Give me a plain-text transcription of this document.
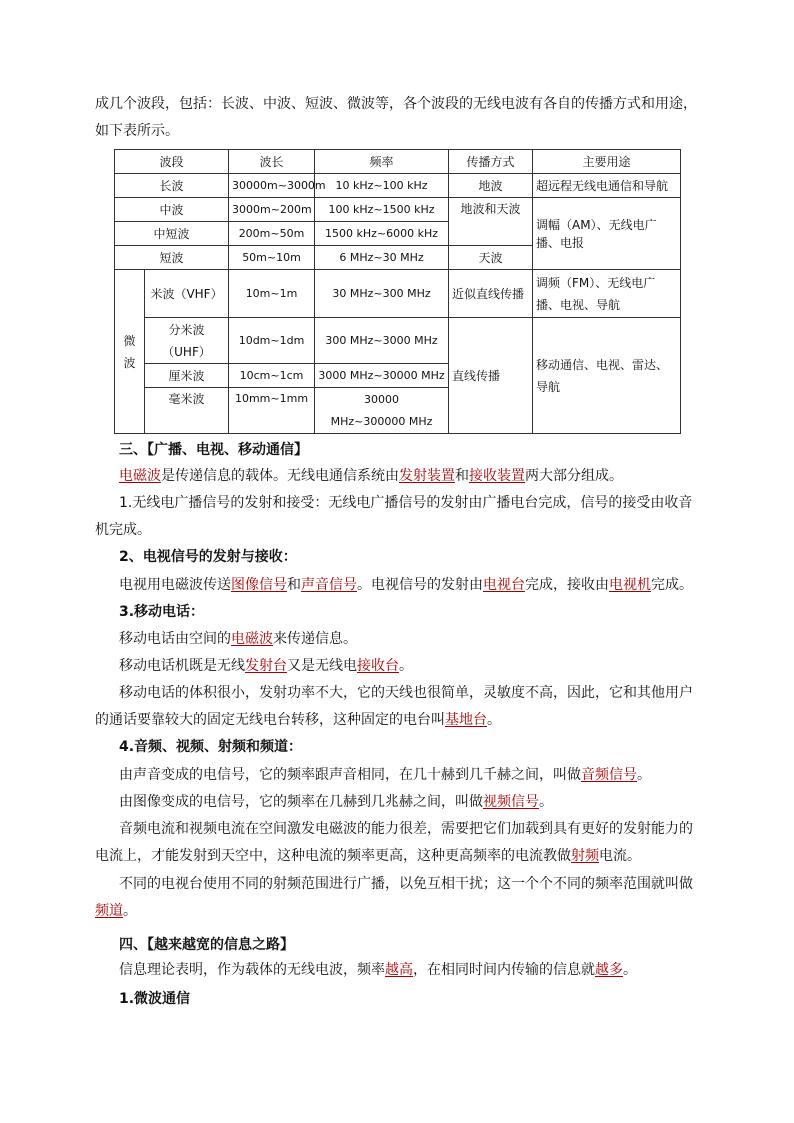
成几个波段，包括：长波、中波、短波、微波等，各个波段的无线电波有各自的传播方式和用途，
如下表所示。
波段		波长	频率	传播方式	主要用途
长波		30000m~3000m	10 kHz~100 kHz	地波	超远程无线电通信和导航
中波		3000m~200m	100 kHz~1500 kHz	地波和天波	调幅（AM）、无线电广播、电报
中短波		200m~50m	1500 kHz~6000 kHz		
短波		50m~10m	6 MHz~30 MHz	天波	
微波	米波（VHF）	10m~1m	30 MHz~300 MHz	近似直线传播	调频（FM）、无线电广播、电视、导航
	分米波（UHF）	10dm~1dm	300 MHz~3000 MHz	直线传播	移动通信、电视、雷达、导航
	厘米波	10cm~1cm	3000 MHz~30000 MHz		
	毫米波	10mm~1mm	30000 MHz~300000 MHz		
三、【广播、电视、移动通信】
电磁波是传递信息的载体。无线电通信系统由发射装置和接收装置两大部分组成。
1.无线电广播信号的发射和接受：无线电广播信号的发射由广播电台完成，信号的接受由收音
机完成。
2、电视信号的发射与接收：
电视用电磁波传送图像信号和声音信号。电视信号的发射由电视台完成，接收由电视机完成。
3.移动电话：
移动电话由空间的电磁波来传递信息。
移动电话机既是无线发射台又是无线电接收台。
移动电话的体积很小，发射功率不大，它的天线也很简单，灵敏度不高，因此，它和其他用户
的通话要靠较大的固定无线电台转移，这种固定的电台叫基地台。
4.音频、视频、射频和频道：
由声音变成的电信号，它的频率跟声音相同，在几十赫到几千赫之间，叫做音频信号。
由图像变成的电信号，它的频率在几赫到几兆赫之间，叫做视频信号。
音频电流和视频电流在空间激发电磁波的能力很差，需要把它们加载到具有更好的发射能力的
电流上，才能发射到天空中，这种电流的频率更高，这种更高频率的电流教做射频电流。
不同的电视台使用不同的射频范围进行广播，以免互相干扰；这一个个不同的频率范围就叫做
频道。
四、【越来越宽的信息之路】
信息理论表明，作为载体的无线电波，频率越高，在相同时间内传输的信息就越多。
1.微波通信
